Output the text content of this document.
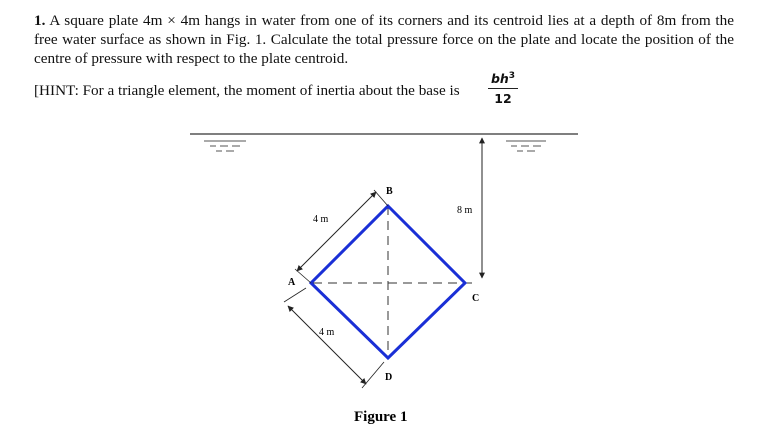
1. A square plate 4m × 4m hangs in water from one of its corners and its centroid lies at a depth of 8m from the free water surface as shown in Fig. 1. Calculate the total pressure force on the plate and locate the position of the centre of pressure with respect to the plate centroid.
[HINT: For a triangle element, the moment of inertia about the base is
$bh^3$
12
B
A
C
D
4 m
4 m
8 m
Figure 1
